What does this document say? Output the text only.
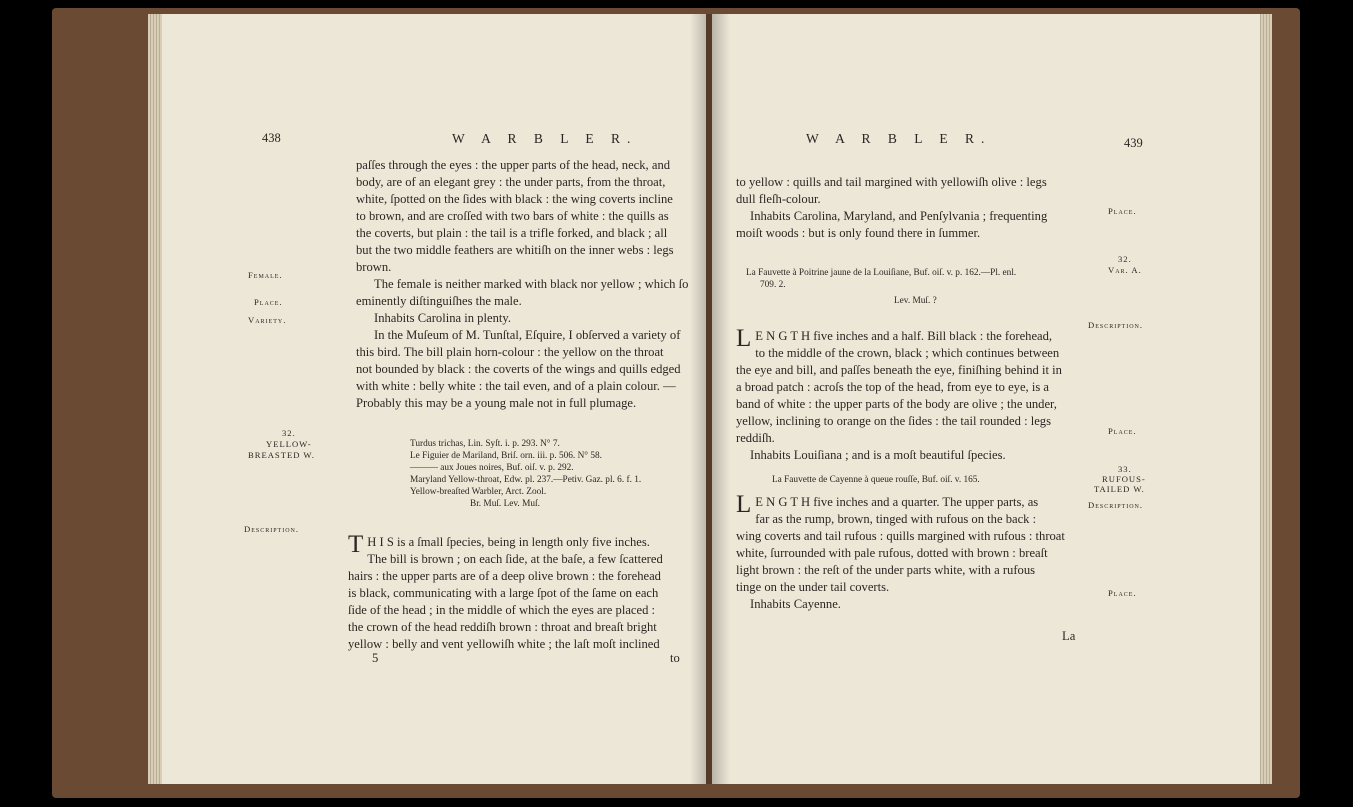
438	W A R B L E R.
paſſes through the eyes : the upper parts of the head, neck, and
body, are of an elegant grey : the under parts, from the throat,
white, ſpotted on the ſides with black : the wing coverts incline
to brown, and are croſſed with two bars of white : the quills as
the coverts, but plain : the tail is a trifle forked, and black ; all
but the two middle feathers are whitiſh on the inner webs : legs
brown.
The female is neither marked with black nor yellow ; which ſo
eminently diſtinguiſhes the male.
Inhabits Carolina in plenty.
In the Muſeum of M. Tunſtal, Eſquire, I obſerved a variety of
this bird. The bill plain horn-colour : the yellow on the throat
not bounded by black : the coverts of the wings and quills edged
with white : belly white : the tail even, and of a plain colour. —
Probably this may be a young male not in full plumage.
Turdus trichas, Lin. Syſt. i. p. 293. N° 7.
Le Figuier de Mariland, Briſ. orn. iii. p. 506. N° 58.
——— aux Joues noires, Buf. oiſ. v. p. 292.
Maryland Yellow-throat, Edw. pl. 237.—Petiv. Gaz. pl. 6. f. 1.
Yellow-breaſted Warbler, Arct. Zool.
Br. Muſ. Lev. Muſ.
T H I S is a ſmall ſpecies, being in length only five inches.
The bill is brown ; on each ſide, at the baſe, a few ſcattered
hairs : the upper parts are of a deep olive brown : the forehead
is black, communicating with a large ſpot of the ſame on each
ſide of the head ; in the middle of which the eyes are placed :
the crown of the head reddiſh brown : throat and breaſt bright
yellow : belly and vent yellowiſh white ; the laſt moſt inclined
5	to
Female.
Place.
Variety.
32.
YELLOW-
BREASTED W.
Description.
W A R B L E R.	439
to yellow : quills and tail margined with yellowiſh olive : legs
dull fleſh-colour.
Inhabits Carolina, Maryland, and Penſylvania ; frequenting
moiſt woods : but is only found there in ſummer.
La Fauvette à Poitrine jaune de la Louiſiane, Buf. oiſ. v. p. 162.—Pl. enl.
709. 2.
Lev. Muſ. ?
L E N G T H five inches and a half. Bill black : the forehead,
to the middle of the crown, black ; which continues between
the eye and bill, and paſſes beneath the eye, finiſhing behind it in
a broad patch : acroſs the top of the head, from eye to eye, is a
band of white : the upper parts of the body are olive ; the under,
yellow, inclining to orange on the ſides : the tail rounded : legs
reddiſh.
Inhabits Louiſiana ; and is a moſt beautiful ſpecies.
La Fauvette de Cayenne à queue rouſſe, Buf. oiſ. v. 165.
L E N G T H five inches and a quarter. The upper parts, as
far as the rump, brown, tinged with rufous on the back :
wing coverts and tail rufous : quills margined with rufous : throat
white, ſurrounded with pale rufous, dotted with brown : breaſt
light brown : the reſt of the under parts white, with a rufous
tinge on the under tail coverts.
Inhabits Cayenne.
La
Place.
32.
Var. A.
Description.
Place.
33.
RUFOUS-
TAILED W.
Description.
Place.
